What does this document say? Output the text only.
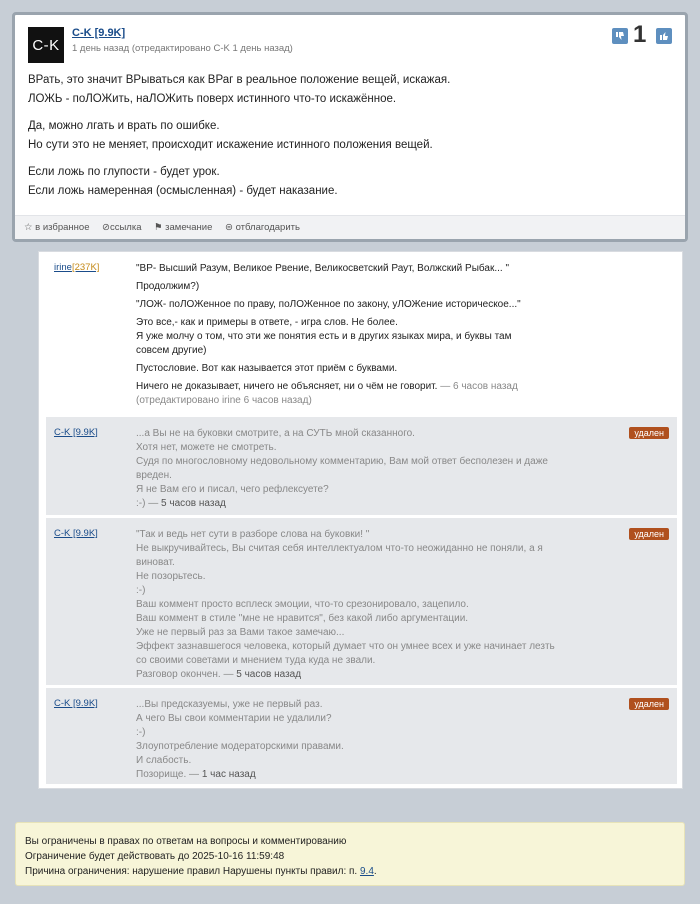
C-K
C-K [9.9K]
1 день назад (отредактировано C-K 1 день назад)
1

ВРать, это значит ВРываться как ВРаг в реальное положение вещей, искажая.

ЛОЖЬ - поЛОЖить, наЛОЖить поверх истинного что-то искажённое.

Да, можно лгать и врать по ошибке.

Но сути это не меняет, происходит искажение истинного положения вещей.

Если ложь по глупости - будет урок.

Если ложь намеренная (осмысленная) - будет наказание.

☆ в избранное ⊘ссылка ⚑ замечание ⊜ отблагодарить
irine[237K]	"ВР- Высший Разум, Великое Рвение, Великосветский Раут, Волжский Рыбак... "

Продолжим?)

"ЛОЖ- поЛОЖенное по праву, поЛОЖенное по закону, уЛОЖение историческое..."

Это все,- как и примеры в ответе, - игра слов. Не более.
Я уже молчу о том, что эти же понятия есть и в других языках мира, и буквы там совсем другие)

Пустословие. Вот как называется этот приём с буквами.

Ничего не доказывает, ничего не объясняет, ни о чём не говорит. — 6 часов назад

(отредактировано irine 6 часов назад)

C-K [9.9K]	...а Вы не на буковки смотрите, а на СУТЬ мной сказанного.

Хотя нет, можете не смотреть.

Судя по многословному недовольному комментарию, Вам мой ответ бесполезен и даже вреден.

Я не Вам его и писал, чего рефлексуете?

:-) — 5 часов назад

удален
C-K [9.9K]	"Так и ведь нет сути в разборе слова на буковки! "

Не выкручивайтесь, Вы считая себя интеллектуалом что-то неожиданно не поняли, а я виноват.

Не позорьтесь.

:-)

Ваш коммент просто всплеск эмоции, что-то срезонировало, зацепило.

Ваш коммент в стиле "мне не нравится", без какой либо аргументации.

Уже не первый раз за Вами такое замечаю...

Эффект зазнавшегося человека, который думает что он умнее всех и уже начинает лезть со своими советами и мнением туда куда не звали.

Разговор окончен. — 5 часов назад

удален
C-K [9.9K]	...Вы предсказуемы, уже не первый раз.

А чего Вы свои комментарии не удалили?

:-)

Злоупотребление модераторскими правами.

И слабость.

Позорище. — 1 час назад

удален
Вы ограничены в правах по ответам на вопросы и комментированию
Ограничение будет действовать до 2025-10-16 11:59:48
Причина ограничения: нарушение правил Нарушены пункты правил: п. 9.4.
